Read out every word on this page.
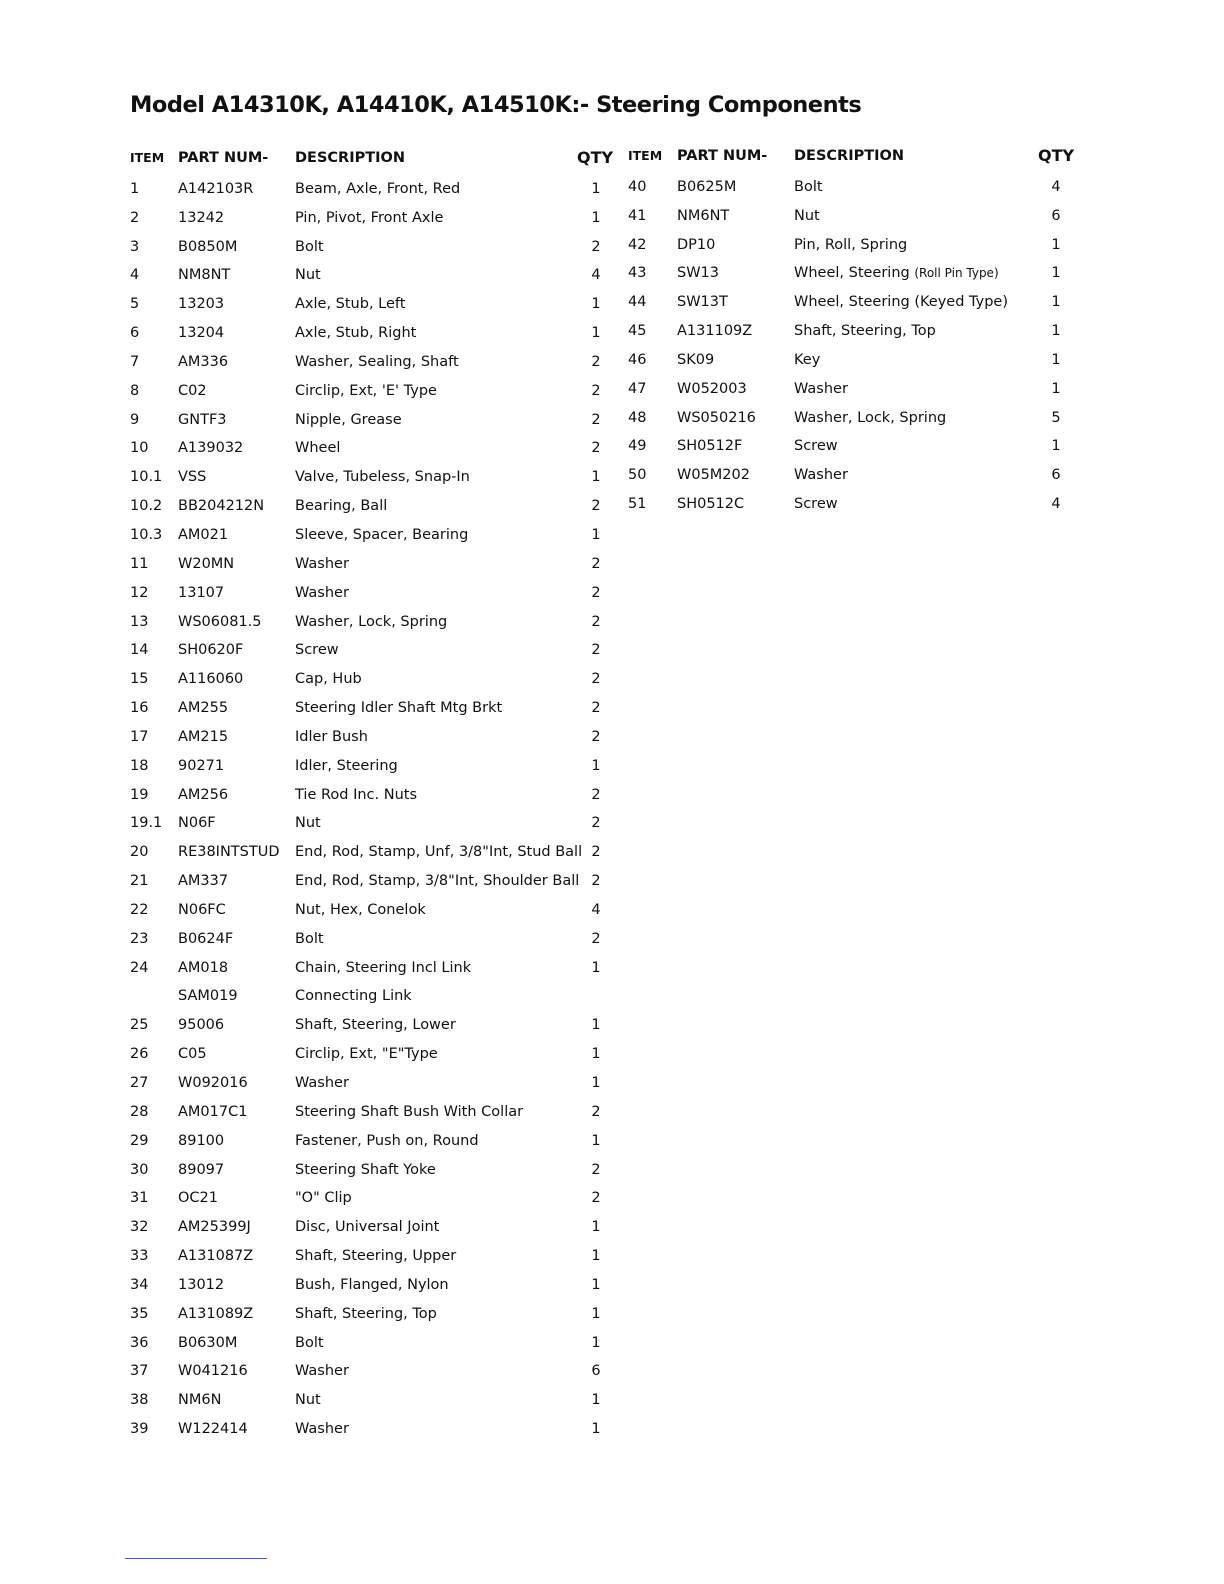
Model A14310K, A14410K, A14510K:- Steering Components
ITEM PART NUM- DESCRIPTION	QTY
1	A142103R	Beam, Axle, Front, Red	1
2	13242	Pin, Pivot, Front Axle	1
3	B0850M	Bolt	2
4	NM8NT	Nut	4
5	13203	Axle, Stub, Left	1
6	13204	Axle, Stub, Right	1
7	AM336	Washer, Sealing, Shaft	2
8	C02	Circlip, Ext, 'E' Type	2
9	GNTF3	Nipple, Grease	2
10 A139032	Wheel	2
10.1 VSS	Valve, Tubeless, Snap-In	1
10.2 BB204212N Bearing, Ball	2
10.3 AM021	Sleeve, Spacer, Bearing	1
11 W20MN	Washer	2
12 13107	Washer	2
13 WS06081.5 Washer, Lock, Spring	2
14 SH0620F	Screw	2
15 A116060	Cap, Hub	2
16 AM255	Steering Idler Shaft Mtg Brkt	2
17 AM215	Idler Bush	2
18 90271	Idler, Steering	1
19 AM256	Tie Rod Inc. Nuts	2
19.1 N06F	Nut	2
20 RE38INTSTUD End, Rod, Stamp, Unf, 3/8"Int, Stud Ball 2
21 AM337	End, Rod, Stamp, 3/8"Int, Shoulder Ball 2
22 N06FC	Nut, Hex, Conelok	4
23 B0624F	Bolt	2
24 AM018	Chain, Steering Incl Link	1
SAM019	Connecting Link
25 95006	Shaft, Steering, Lower	1
26 C05	Circlip, Ext, "E"Type	1
27 W092016	Washer	1
28 AM017C1	Steering Shaft Bush With Collar	2
29 89100	Fastener, Push on, Round	1
30 89097	Steering Shaft Yoke	2
31 OC21	"O" Clip	2
32 AM25399J	Disc, Universal Joint	1
33 A131087Z	Shaft, Steering, Upper	1
34 13012	Bush, Flanged, Nylon	1
35 A131089Z	Shaft, Steering, Top	1
36 B0630M	Bolt	1
37 W041216	Washer	6
38 NM6N	Nut	1
39 W122414	Washer	1
ITEM PART NUM- DESCRIPTION	QTY
40 B0625M	Bolt	4
41 NM6NT	Nut	6
42 DP10	Pin, Roll, Spring	1
43 SW13	Wheel, Steering (Roll Pin Type)	1
44 SW13T	Wheel, Steering (Keyed Type)	1
45 A131109Z	Shaft, Steering, Top	1
46 SK09	Key	1
47 W052003	Washer	1
48 WS050216	Washer, Lock, Spring	5
49 SH0512F	Screw	1
50 W05M202	Washer	6
51 SH0512C	Screw	4
